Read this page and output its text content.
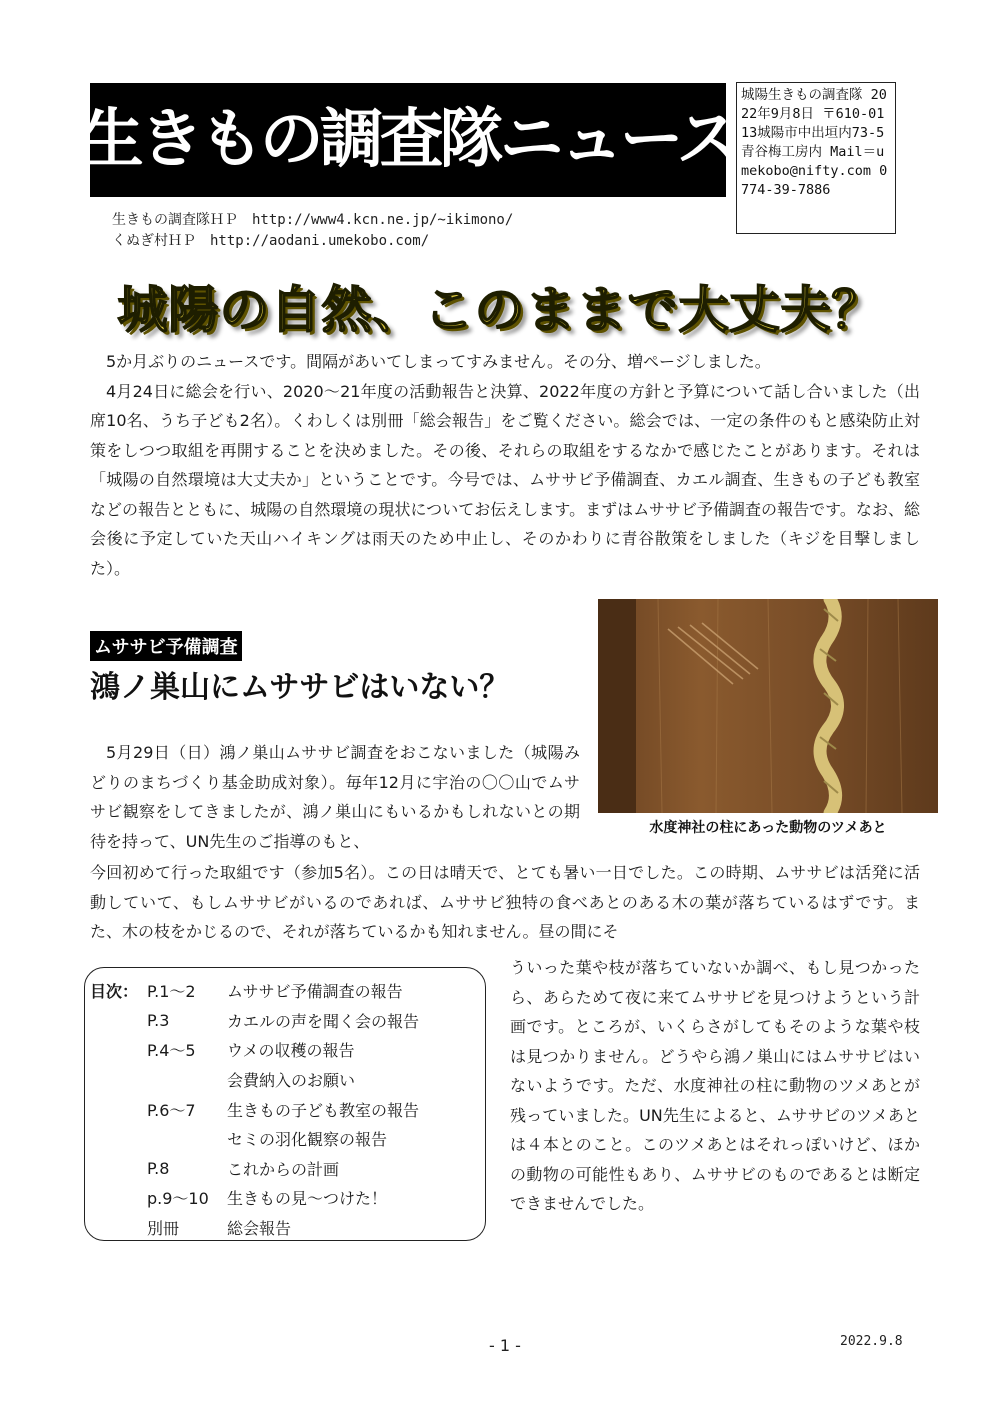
生きもの調査隊ニュース
城陽生きもの調査隊 2022年9月8日 〒610-0113城陽市中出垣内73-5青谷梅工房内 Mail＝umekobo@nifty.com 0774-39-7886
生きもの調査隊ＨＰ　http://www4.kcn.ne.jp/~ikimono/
くぬぎ村ＨＰ　http://aodani.umekobo.com/
城陽の自然、このままで大丈夫？

5か月ぶりのニュースです。間隔があいてしまってすみません。その分、増ページしました。

4月24日に総会を行い、2020～21年度の活動報告と決算、2022年度の方針と予算について話し合いました（出席10名、うち子ども2名）。くわしくは別冊「総会報告」をご覧ください。総会では、一定の条件のもと感染防止対策をしつつ取組を再開することを決めました。その後、それらの取組をするなかで感じたことがあります。それは「城陽の自然環境は大丈夫か」ということです。今号では、ムササビ予備調査、カエル調査、生きもの子ども教室などの報告とともに、城陽の自然環境の現状についてお伝えします。まずはムササビ予備調査の報告です。なお、総会後に予定していた天山ハイキングは雨天のため中止し、そのかわりに青谷散策をしました（キジを目撃しました）。

ムササビ予備調査
鴻ノ巣山にムササビはいない？
水度神社の柱にあった動物のツメあと

5月29日（日）鴻ノ巣山ムササビ調査をおこないました（城陽みどりのまちづくり基金助成対象）。毎年12月に宇治の〇〇山でムササビ観察をしてきましたが、鴻ノ巣山にもいるかもしれないとの期待を持って、UN先生のご指導のもと、

今回初めて行った取組です（参加5名）。この日は晴天で、とても暑い一日でした。この時期、ムササビは活発に活動していて、もしムササビがいるのであれば、ムササビ独特の食べあとのある木の葉が落ちているはずです。また、木の枝をかじるので、それが落ちているかも知れません。昼の間にそ
ういった葉や枝が落ちていないか調べ、もし見つかったら、あらためて夜に来てムササビを見つけようという計画です。ところが、いくらさがしてもそのような葉や枝は見つかりません。どうやら鴻ノ巣山にはムササビはいないようです。ただ、水度神社の柱に動物のツメあとが残っていました。UN先生によると、ムササビのツメあとは４本とのこと。このツメあとはそれっぽいけど、ほかの動物の可能性もあり、ムササビのものであるとは断定できませんでした。
目次： P.1～2	ムササビ予備調査の報告
P.3	カエルの声を聞く会の報告
P.4～5	ウメの収穫の報告
会費納入のお願い
P.6～7	生きもの子ども教室の報告
セミの羽化観察の報告
P.8	これからの計画
p.9～10	生きもの見～つけた！
別冊	総会報告
- 1 -	2022.9.8
